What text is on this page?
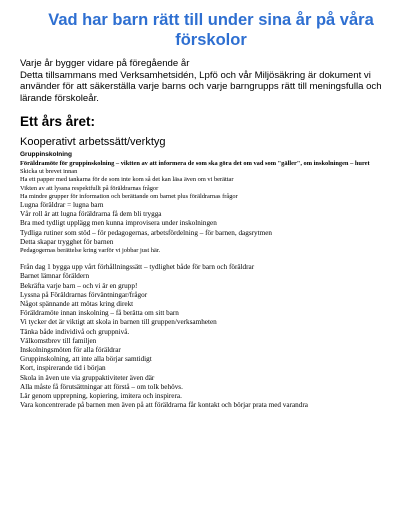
Vad har barn rätt till under sina år på våra förskolor
Varje år bygger vidare på föregående år
Detta tillsammans med Verksamhetsidén, Lpfö och vår Miljösäkring är dokument vi använder för att säkerställa varje barns och varje barngrupps rätt till meningsfulla och lärande förskoleår.
Ett års året:
Kooperativt arbetssätt/verktyg
Gruppinskolning
Föräldramöte för gruppinskolning – viktten av att informera de som ska göra det om vad som "gäller", om inskolningen – huret
Skicka ut brevet innan
Ha ett papper med tankarna för de som inte kom så det kan läsa även om vi berättar
Vikten av att lyssna respektfullt på föräldrarnas frågor
Ha mindre grupper för information och berättande om barnet plus föräldrarnas frågor
Lugna föräldrar = lugna barn
Vår roll är att lugna föräldrarna få dem bli trygga
Bra med tydligt upplägg men kunna improvisera under inskolningen
Tydliga rutiner som stöd – för pedagogernas, arbetsfördelning – för barnen, dagsrytmen
Detta skapar trygghet för barnen
Pedagogernas berättelse kring varför vi jobbar just här.
Från dag 1 bygga upp vårt förhållningssätt – tydlighet både för barn och föräldrar
Barnet lämnar föräldern
Bekräfta varje barn – och vi är en grupp!
Lyssna på Föräldrarnas förväntningar/frågor
Något spännande att mötas kring direkt
Föräldramöte innan inskolning – få berätta om sitt barn
Vi tycker det är viktigt att skola in barnen till gruppen/verksamheten
Tänka både individivå och gruppnivå.
Välkomstbrev till familjen
Inskolningsmöten för alla föräldrar
Gruppinskolning, att inte alla börjar samtidigt
Kort, inspirerande tid i början
Skola in även ute via gruppaktiviteter även där
Alla måste få förutsättningar att förstå – om tolk behövs.
Lär genom upprepning, kopiering, imitera och inspirera.
Vara koncentrerade på barnen men även på att föräldrarna får kontakt och börjar prata med varandra
